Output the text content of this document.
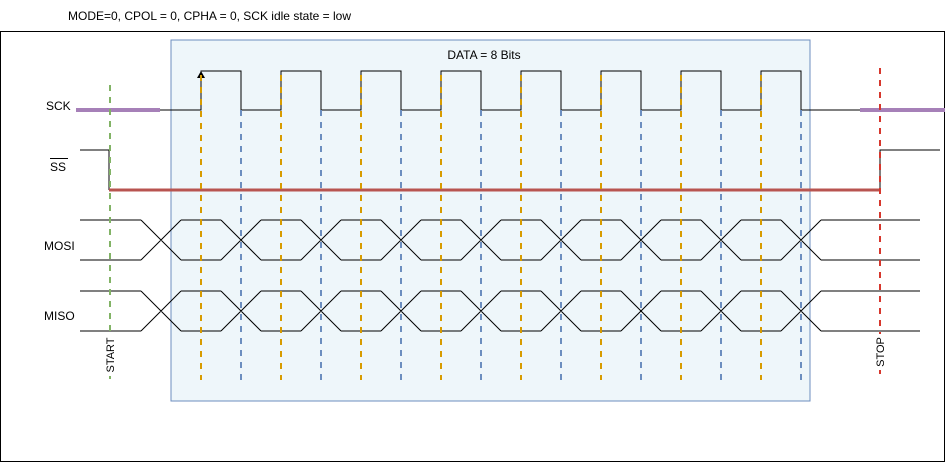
MODE=0, CPOL = 0, CPHA = 0, SCK idle state = low
DATA = 8 Bits
SCK
SS
MOSI
MISO
START	STOP
